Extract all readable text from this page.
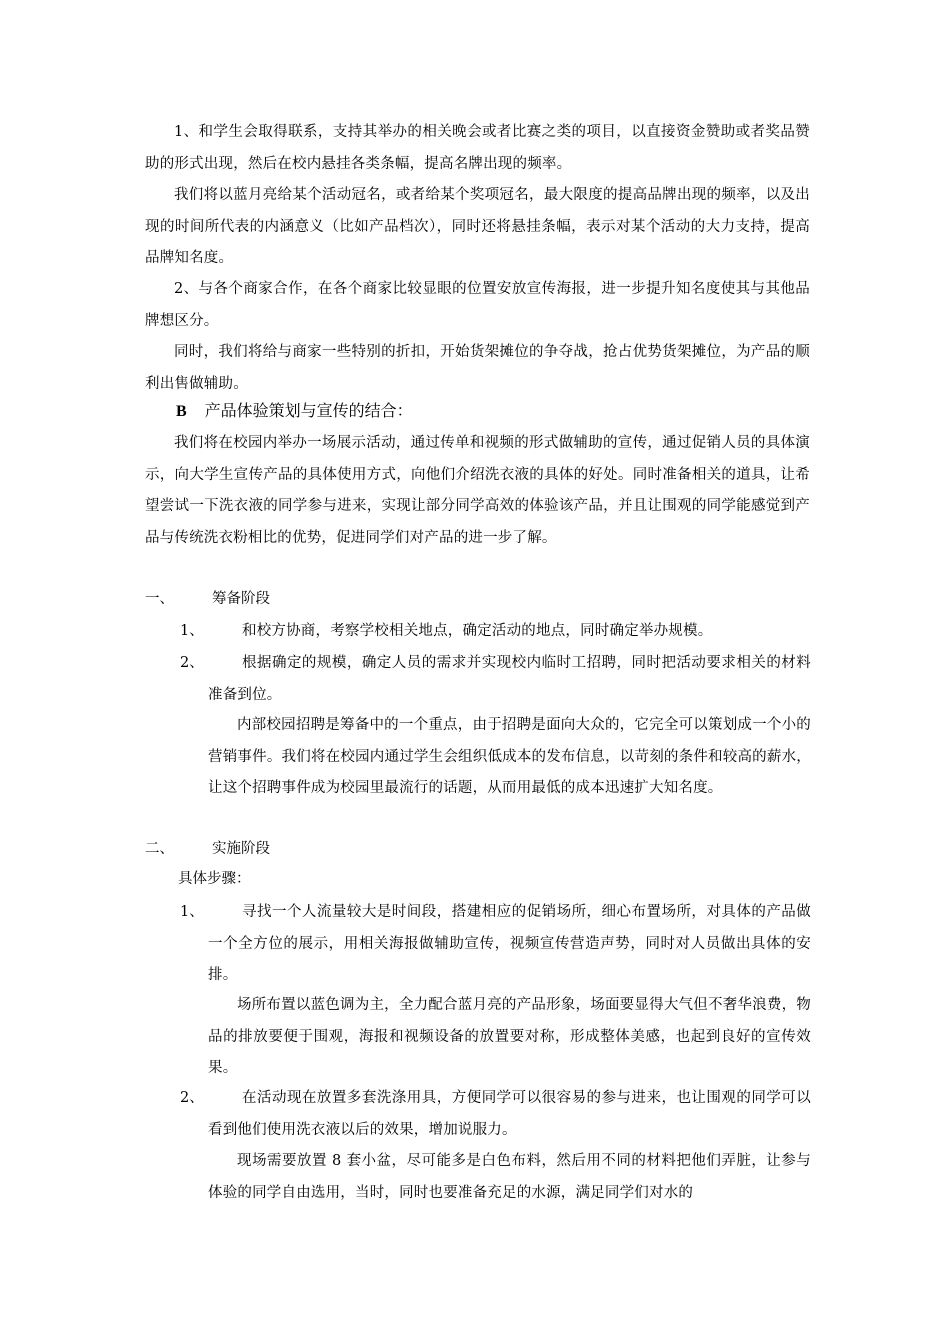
1、和学生会取得联系，支持其举办的相关晚会或者比赛之类的项目，以直接资金赞助或者奖品赞助的形式出现，然后在校内悬挂各类条幅，提高名牌出现的频率。
我们将以蓝月亮给某个活动冠名，或者给某个奖项冠名，最大限度的提高品牌出现的频率，以及出现的时间所代表的内涵意义（比如产品档次），同时还将悬挂条幅，表示对某个活动的大力支持，提高品牌知名度。
2、与各个商家合作，在各个商家比较显眼的位置安放宣传海报，进一步提升知名度使其与其他品牌想区分。
同时，我们将给与商家一些特别的折扣，开始货架摊位的争夺战，抢占优势货架摊位，为产品的顺利出售做辅助。
B 产品体验策划与宣传的结合：
我们将在校园内举办一场展示活动，通过传单和视频的形式做辅助的宣传，通过促销人员的具体演示，向大学生宣传产品的具体使用方式，向他们介绍洗衣液的具体的好处。同时准备相关的道具，让希望尝试一下洗衣液的同学参与进来，实现让部分同学高效的体验该产品，并且让围观的同学能感觉到产品与传统洗衣粉相比的优势，促进同学们对产品的进一步了解。
一、	筹备阶段
1、	和校方协商，考察学校相关地点，确定活动的地点，同时确定举办规模。
2、	根据确定的规模，确定人员的需求并实现校内临时工招聘，同时把活动要求相关的材料准备到位。
内部校园招聘是筹备中的一个重点，由于招聘是面向大众的，它完全可以策划成一个小的营销事件。我们将在校园内通过学生会组织低成本的发布信息，以苛刻的条件和较高的薪水，让这个招聘事件成为校园里最流行的话题，从而用最低的成本迅速扩大知名度。
二、	实施阶段
具体步骤：
1、	寻找一个人流量较大是时间段，搭建相应的促销场所，细心布置场所，对具体的产品做一个全方位的展示，用相关海报做辅助宣传，视频宣传营造声势，同时对人员做出具体的安排。
场所布置以蓝色调为主，全力配合蓝月亮的产品形象，场面要显得大气但不奢华浪费，物品的排放要便于围观，海报和视频设备的放置要对称，形成整体美感，也起到良好的宣传效果。
2、	在活动现在放置多套洗涤用具，方便同学可以很容易的参与进来，也让围观的同学可以看到他们使用洗衣液以后的效果，增加说服力。
现场需要放置 8 套小盆，尽可能多是白色布料，然后用不同的材料把他们弄脏，让参与体验的同学自由选用，当时，同时也要准备充足的水源，满足同学们对水的
